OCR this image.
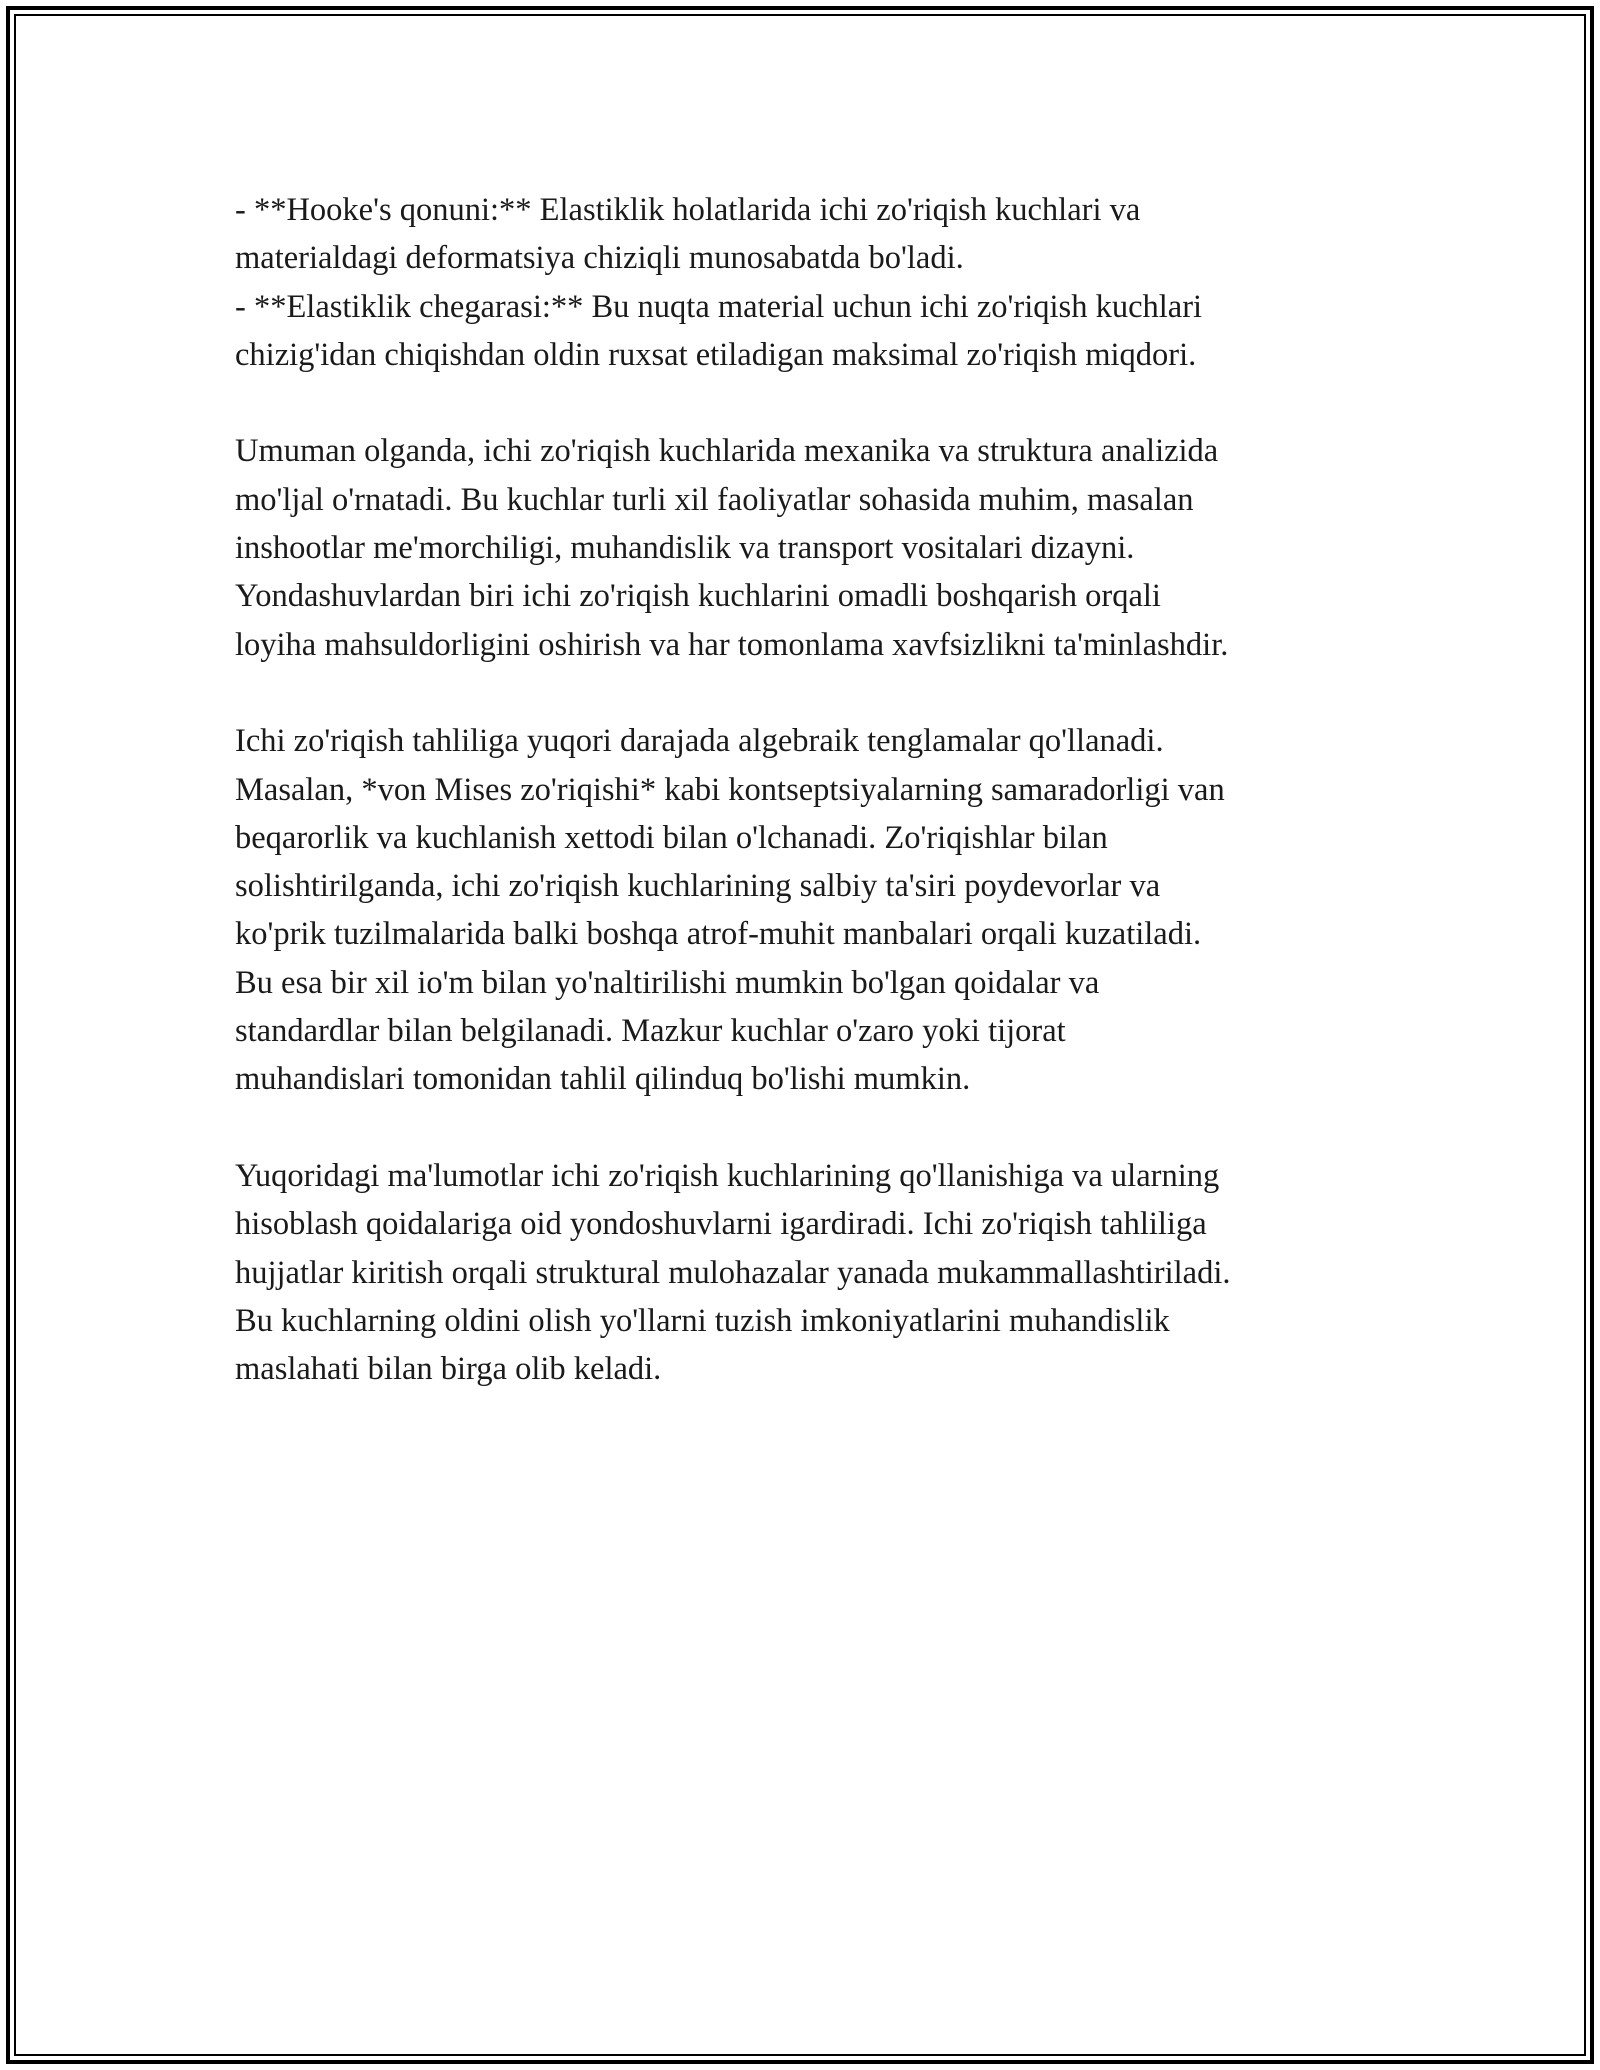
- **Hooke's qonuni:** Elastiklik holatlarida ichi zo'riqish kuchlari va
materialdagi deformatsiya chiziqli munosabatda bo'ladi.
- **Elastiklik chegarasi:** Bu nuqta material uchun ichi zo'riqish kuchlari
chizig'idan chiqishdan oldin ruxsat etiladigan maksimal zo'riqish miqdori.

Umuman olganda, ichi zo'riqish kuchlarida mexanika va struktura analizida
mo'ljal o'rnatadi. Bu kuchlar turli xil faoliyatlar sohasida muhim, masalan
inshootlar me'morchiligi, muhandislik va transport vositalari dizayni.
Yondashuvlardan biri ichi zo'riqish kuchlarini omadli boshqarish orqali
loyiha mahsuldorligini oshirish va har tomonlama xavfsizlikni ta'minlashdir.

Ichi zo'riqish tahliliga yuqori darajada algebraik tenglamalar qo'llanadi.
Masalan, *von Mises zo'riqishi* kabi kontseptsiyalarning samaradorligi van
beqarorlik va kuchlanish xettodi bilan o'lchanadi. Zo'riqishlar bilan
solishtirilganda, ichi zo'riqish kuchlarining salbiy ta'siri poydevorlar va
ko'prik tuzilmalarida balki boshqa atrof-muhit manbalari orqali kuzatiladi.
Bu esa bir xil io'm bilan yo'naltirilishi mumkin bo'lgan qoidalar va
standardlar bilan belgilanadi. Mazkur kuchlar o'zaro yoki tijorat
muhandislari tomonidan tahlil qilinduq bo'lishi mumkin.

Yuqoridagi ma'lumotlar ichi zo'riqish kuchlarining qo'llanishiga va ularning
hisoblash qoidalariga oid yondoshuvlarni igardiradi. Ichi zo'riqish tahliliga
hujjatlar kiritish orqali struktural mulohazalar yanada mukammallashtiriladi.
Bu kuchlarning oldini olish yo'llarni tuzish imkoniyatlarini muhandislik
maslahati bilan birga olib keladi.
